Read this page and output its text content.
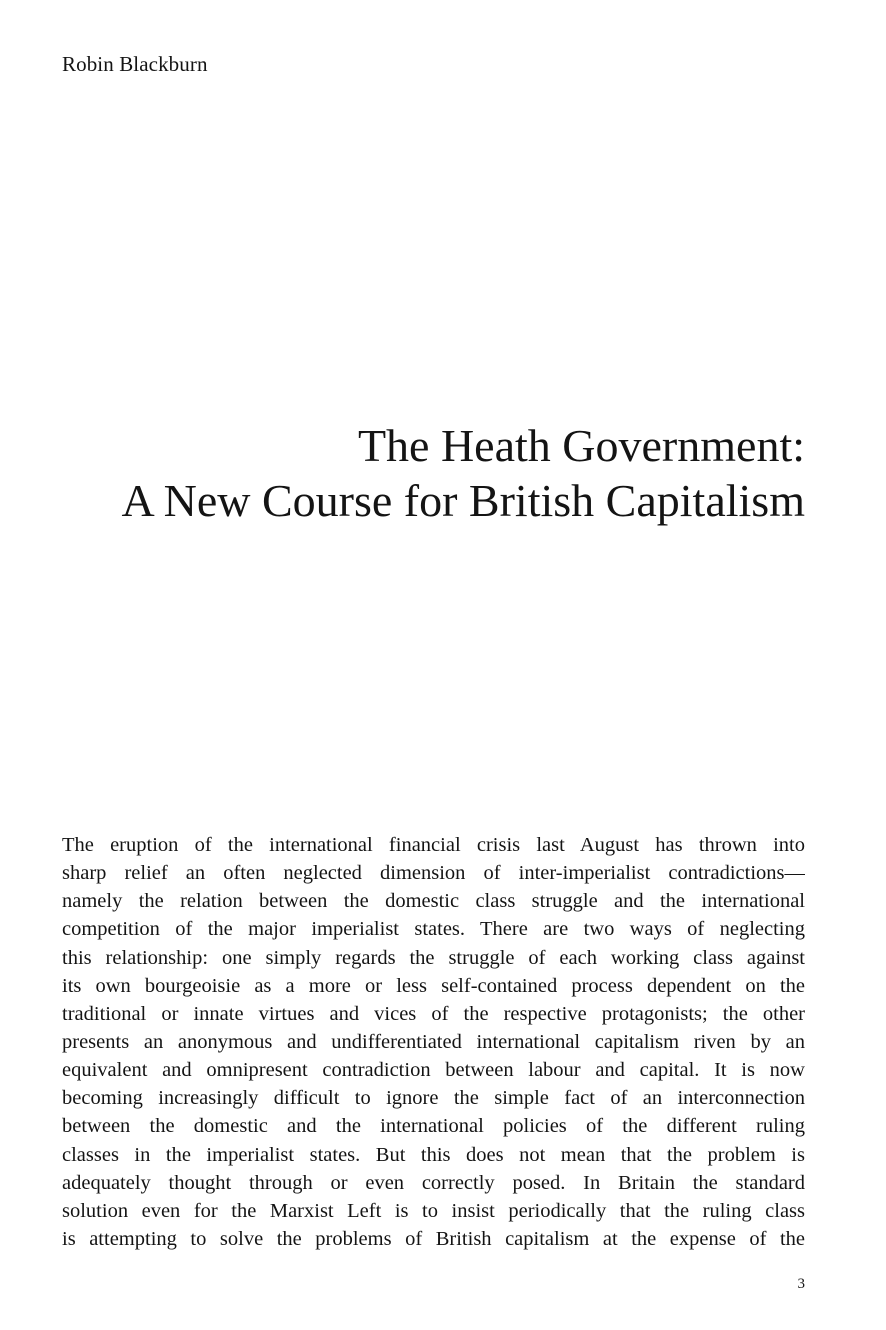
Robin Blackburn
The Heath Government:
A New Course for British Capitalism
The eruption of the international financial crisis last August has thrown into
sharp relief an often neglected dimension of inter-imperialist contradictions—
namely the relation between the domestic class struggle and the international
competition of the major imperialist states. There are two ways of neglecting
this relationship: one simply regards the struggle of each working class against
its own bourgeoisie as a more or less self-contained process dependent on the
traditional or innate virtues and vices of the respective protagonists; the other
presents an anonymous and undifferentiated international capitalism riven by an
equivalent and omnipresent contradiction between labour and capital. It is now
becoming increasingly difficult to ignore the simple fact of an interconnection
between the domestic and the international policies of the different ruling
classes in the imperialist states. But this does not mean that the problem is
adequately thought through or even correctly posed. In Britain the standard
solution even for the Marxist Left is to insist periodically that the ruling class
is attempting to solve the problems of British capitalism at the expense of the
3
